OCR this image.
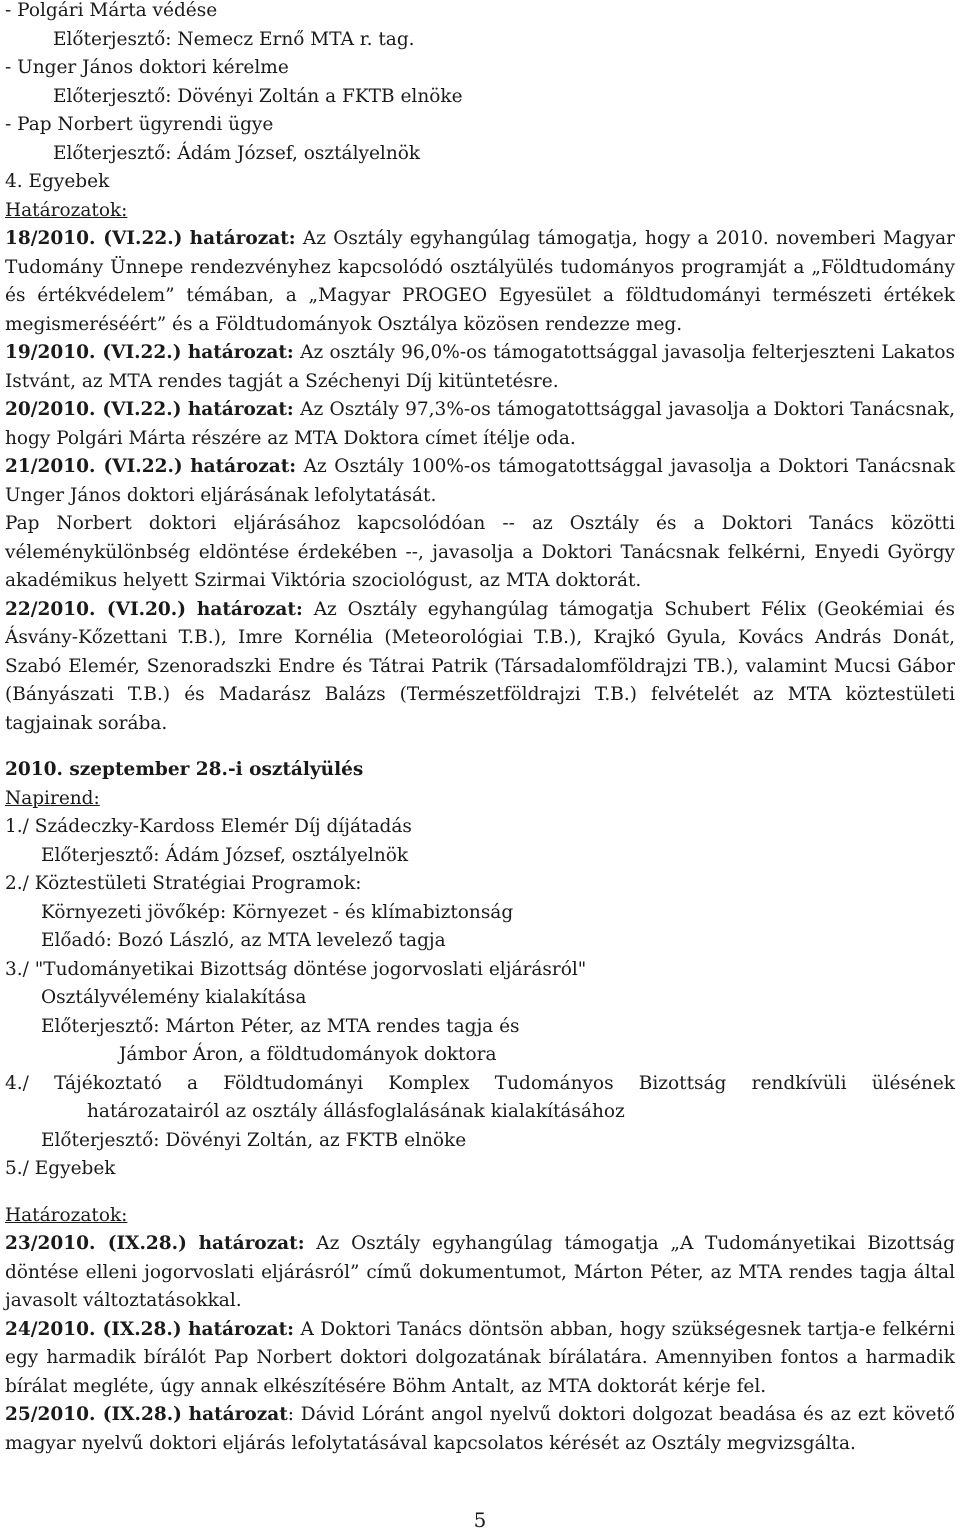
- Polgári Márta védése
Előterjesztő: Nemecz Ernő MTA r. tag.
- Unger János doktori kérelme
Előterjesztő: Dövényi Zoltán a FKTB elnöke
- Pap Norbert ügyrendi ügye
Előterjesztő: Ádám József, osztályelnök
4. Egyebek
Határozatok:
18/2010. (VI.22.) határozat: Az Osztály egyhangúlag támogatja, hogy a 2010. novemberi Magyar Tudomány Ünnepe rendezvényhez kapcsolódó osztályülés tudományos programját a „Földtudomány és értékvédelem” témában, a „Magyar PROGEO Egyesület a földtudományi természeti értékek megismeréséért” és a Földtudományok Osztálya közösen rendezze meg.
19/2010. (VI.22.) határozat: Az osztály 96,0%-os támogatottsággal javasolja felterjeszteni Lakatos Istvánt, az MTA rendes tagját a Széchenyi Díj kitüntetésre.
20/2010. (VI.22.) határozat: Az Osztály 97,3%-os támogatottsággal javasolja a Doktori Tanácsnak, hogy Polgári Márta részére az MTA Doktora címet ítélje oda.
21/2010. (VI.22.) határozat: Az Osztály 100%-os támogatottsággal javasolja a Doktori Tanácsnak Unger János doktori eljárásának lefolytatását.
Pap Norbert doktori eljárásához kapcsolódóan -- az Osztály és a Doktori Tanács közötti véleménykülönbség eldöntése érdekében --, javasolja a Doktori Tanácsnak felkérni, Enyedi György akadémikus helyett Szirmai Viktória szociológust, az MTA doktorát.
22/2010. (VI.20.) határozat: Az Osztály egyhangúlag támogatja Schubert Félix (Geokémiai és Ásvány-Kőzettani T.B.), Imre Kornélia (Meteorológiai T.B.), Krajkó Gyula, Kovács András Donát, Szabó Elemér, Szenoradszki Endre és Tátrai Patrik (Társadalomföldrajzi TB.), valamint Mucsi Gábor (Bányászati T.B.) és Madarász Balázs (Természetföldrajzi T.B.) felvételét az MTA köztestületi tagjainak sorába.
2010. szeptember 28.-i osztályülés
Napirend:
1./ Szádeczky-Kardoss Elemér Díj díjátadás
Előterjesztő: Ádám József, osztályelnök
2./ Köztestületi Stratégiai Programok:
Környezeti jövőkép: Környezet - és klímabiztonság
Előadó: Bozó László, az MTA levelező tagja
3./ "Tudományetikai Bizottság döntése jogorvoslati eljárásról"
Osztályvélemény kialakítása
Előterjesztő: Márton Péter, az MTA rendes tagja és
Jámbor Áron, a földtudományok doktora
4./ Tájékoztató a Földtudományi Komplex Tudományos Bizottság rendkívüli ülésének
határozatairól az osztály állásfoglalásának kialakításához
Előterjesztő: Dövényi Zoltán, az FKTB elnöke
5./ Egyebek
Határozatok:
23/2010. (IX.28.) határozat: Az Osztály egyhangúlag támogatja „A Tudományetikai Bizottság döntése elleni jogorvoslati eljárásról” című dokumentumot, Márton Péter, az MTA rendes tagja által javasolt változtatásokkal.
24/2010. (IX.28.) határozat: A Doktori Tanács döntsön abban, hogy szükségesnek tartja-e felkérni egy harmadik bírálót Pap Norbert doktori dolgozatának bírálatára. Amennyiben fontos a harmadik bírálat megléte, úgy annak elkészítésére Böhm Antalt, az MTA doktorát kérje fel.
25/2010. (IX.28.) határozat: Dávid Lóránt angol nyelvű doktori dolgozat beadása és az ezt követő magyar nyelvű doktori eljárás lefolytatásával kapcsolatos kérését az Osztály megvizsgálta.
5
